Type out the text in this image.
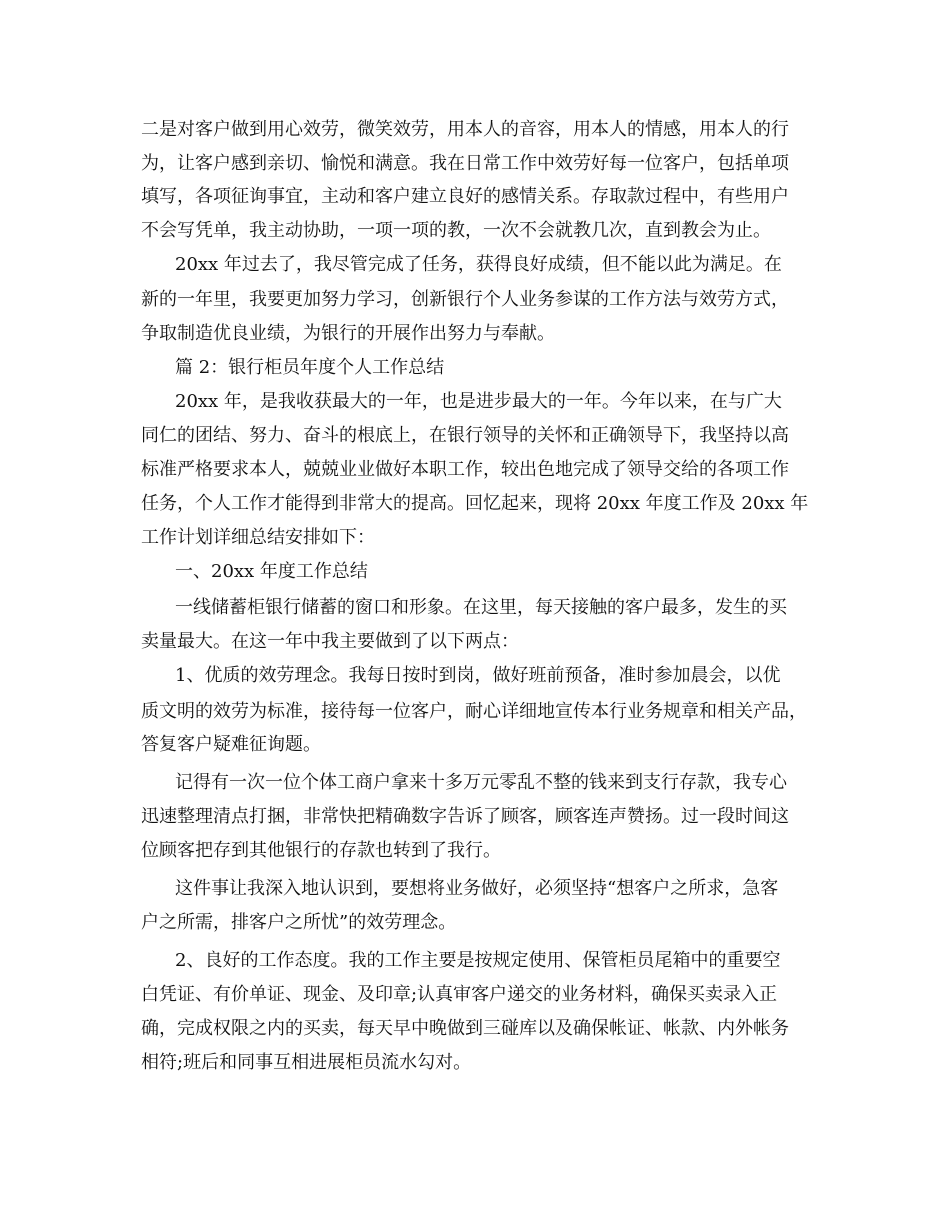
二是对客户做到用心效劳，微笑效劳，用本人的音容，用本人的情感，用本人的行
为，让客户感到亲切、愉悦和满意。我在日常工作中效劳好每一位客户，包括单项
填写，各项征询事宜，主动和客户建立良好的感情关系。存取款过程中，有些用户
不会写凭单，我主动协助，一项一项的教，一次不会就教几次，直到教会为止。
20xx 年过去了，我尽管完成了任务，获得良好成绩，但不能以此为满足。在
新的一年里，我要更加努力学习，创新银行个人业务参谋的工作方法与效劳方式，
争取制造优良业绩，为银行的开展作出努力与奉献。
篇 2：银行柜员年度个人工作总结
20xx 年，是我收获最大的一年，也是进步最大的一年。今年以来，在与广大
同仁的团结、努力、奋斗的根底上，在银行领导的关怀和正确领导下，我坚持以高
标准严格要求本人，兢兢业业做好本职工作，较出色地完成了领导交给的各项工作
任务，个人工作才能得到非常大的提高。回忆起来，现将 20xx 年度工作及 20xx 年
工作计划详细总结安排如下：
一、20xx 年度工作总结
一线储蓄柜银行储蓄的窗口和形象。在这里，每天接触的客户最多，发生的买
卖量最大。在这一年中我主要做到了以下两点：
1、优质的效劳理念。我每日按时到岗，做好班前预备，准时参加晨会，以优
质文明的效劳为标准，接待每一位客户，耐心详细地宣传本行业务规章和相关产品，
答复客户疑难征询题。
记得有一次一位个体工商户拿来十多万元零乱不整的钱来到支行存款，我专心
迅速整理清点打捆，非常快把精确数字告诉了顾客，顾客连声赞扬。过一段时间这
位顾客把存到其他银行的存款也转到了我行。
这件事让我深入地认识到，要想将业务做好，必须坚持“想客户之所求，急客
户之所需，排客户之所忧”的效劳理念。
2、良好的工作态度。我的工作主要是按规定使用、保管柜员尾箱中的重要空
白凭证、有价单证、现金、及印章;认真审客户递交的业务材料，确保买卖录入正
确，完成权限之内的买卖，每天早中晚做到三碰库以及确保帐证、帐款、内外帐务
相符;班后和同事互相进展柜员流水勾对。
